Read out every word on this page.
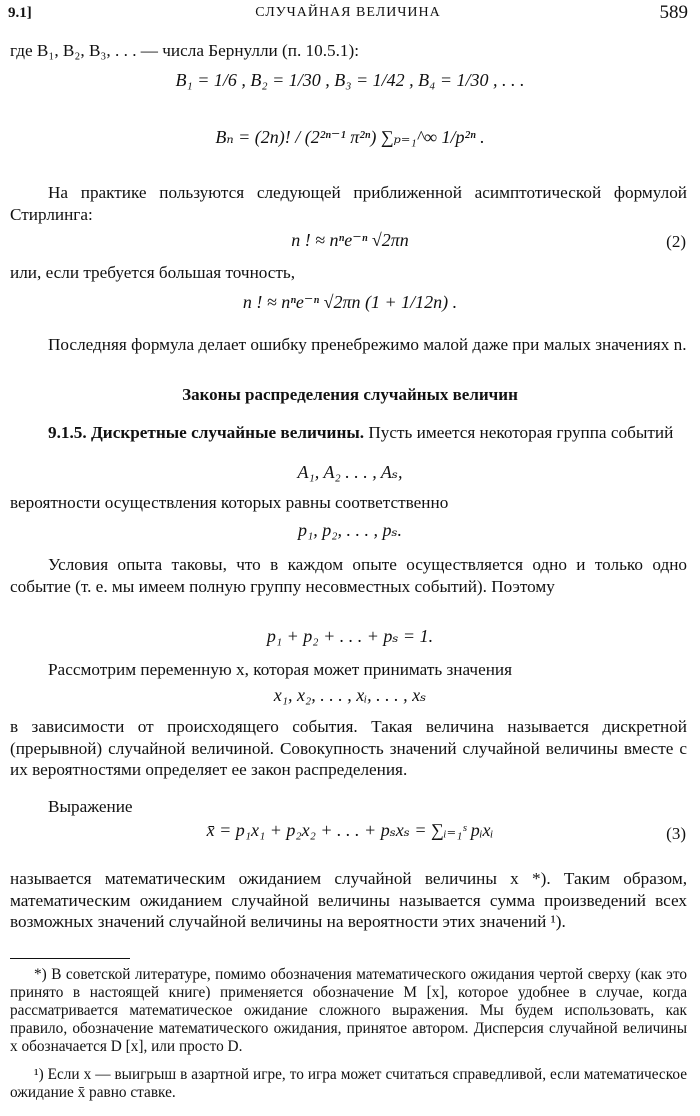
9.1]	СЛУЧАЙНАЯ ВЕЛИЧИНА	589
где B₁, B₂, B₃, . . . — числа Бернулли (п. 10.5.1):
B₁ = 1/6 , B₂ = 1/30 , B₃ = 1/42 , B₄ = 1/30 , . . .
Bₙ = (2n)! / (2²ⁿ⁻¹ π²ⁿ) ∑ₚ₌₁^∞ 1/p²ⁿ .
На практике пользуются следующей приближенной асимптотической формулой Стирлинга:
n ! ≈ nⁿe⁻ⁿ √2πn	(2)
или, если требуется большая точность,
n ! ≈ nⁿe⁻ⁿ √2πn (1 + 1/12n) .
Последняя формула делает ошибку пренебрежимо малой даже при малых значениях n.
Законы распределения случайных величин
9.1.5. Дискретные случайные величины. Пусть имеется некоторая группа событий
A₁, A₂ . . . , Aₛ,
вероятности осуществления которых равны соответственно
p₁, p₂, . . . , pₛ.
Условия опыта таковы, что в каждом опыте осуществляется одно и только одно событие (т. е. мы имеем полную группу несовместных событий). Поэтому
p₁ + p₂ + . . . + pₛ = 1.
Рассмотрим переменную x, которая может принимать значения
x₁, x₂, . . . , xᵢ, . . . , xₛ
в зависимости от происходящего события. Такая величина называется дискретной (прерывной) случайной величиной. Совокупность значений случайной величины вместе с их вероятностями определяет ее закон распределения.
Выражение
x̄ = p₁x₁ + p₂x₂ + . . . + pₛxₛ = ∑ᵢ₌₁ˢ pᵢxᵢ	(3)
называется математическим ожиданием случайной величины x *). Таким образом, математическим ожиданием случайной величины называется сумма произведений всех возможных значений случайной величины на вероятности этих значений ¹).
*) В советской литературе, помимо обозначения математического ожидания чертой сверху (как это принято в настоящей книге) применяется обозначение M [x], которое удобнее в случае, когда рассматривается математическое ожидание сложного выражения. Мы будем использовать, как правило, обозначение математического ожидания, принятое автором. Дисперсия случайной величины x обозначается D [x], или просто D.
¹) Если x — выигрыш в азартной игре, то игра может считаться справедливой, если математическое ожидание x̄ равно ставке.
